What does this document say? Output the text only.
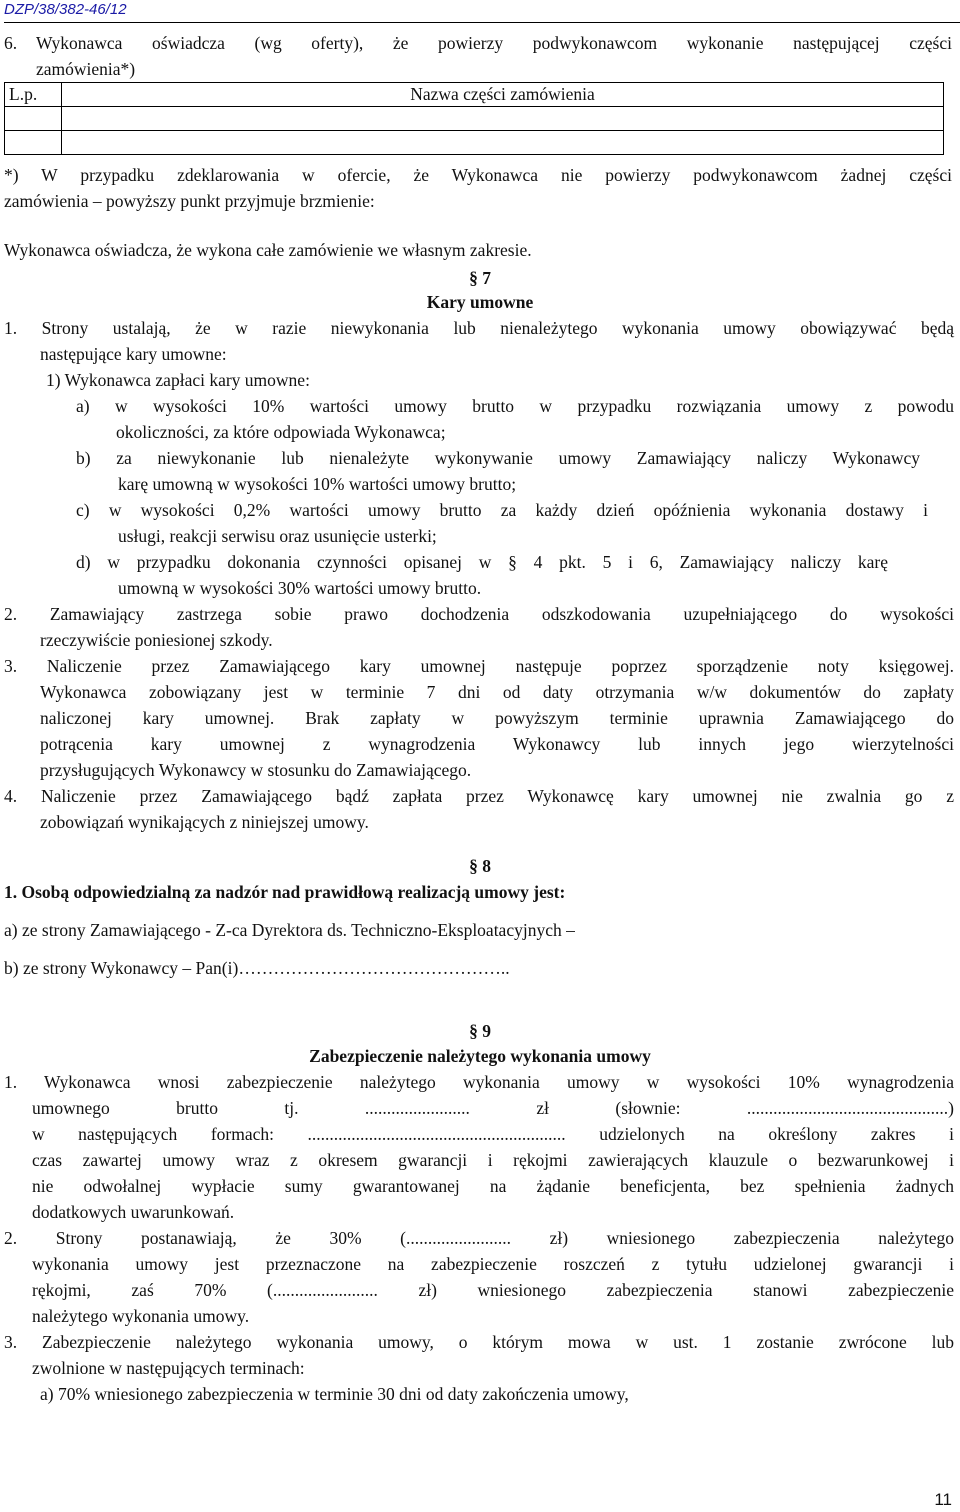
DZP/38/382-46/12
6. Wykonawca oświadcza (wg oferty), że powierzy podwykonawcom wykonanie następującej części
zamówienia*)
L.p.	Nazwa części zamówienia

*) W przypadku zdeklarowania w ofercie, że Wykonawca nie powierzy podwykonawcom żadnej części
zamówienia – powyższy punkt przyjmuje brzmienie:
Wykonawca oświadcza, że wykona całe zamówienie we własnym zakresie.
§ 7
Kary umowne
1. Strony ustalają, że w razie niewykonania lub nienależytego wykonania umowy obowiązywać będą
następujące kary umowne:
1) Wykonawca zapłaci kary umowne:
a) w wysokości 10% wartości umowy brutto w przypadku rozwiązania umowy z powodu
okoliczności, za które odpowiada Wykonawca;
b) za niewykonanie lub nienależyte wykonywanie umowy Zamawiający naliczy Wykonawcy
karę umowną w wysokości 10% wartości umowy brutto;
c) w wysokości 0,2% wartości umowy brutto za każdy dzień opóźnienia wykonania dostawy i
usługi, reakcji serwisu oraz usunięcie usterki;
d) w przypadku dokonania czynności opisanej w § 4 pkt. 5 i 6, Zamawiający naliczy karę
umowną w wysokości 30% wartości umowy brutto.
2. Zamawiający zastrzega sobie prawo dochodzenia odszkodowania uzupełniającego do wysokości
rzeczywiście poniesionej szkody.
3. Naliczenie przez Zamawiającego kary umownej następuje poprzez sporządzenie noty księgowej.
Wykonawca zobowiązany jest w terminie 7 dni od daty otrzymania w/w dokumentów do zapłaty
naliczonej kary umownej. Brak zapłaty w powyższym terminie uprawnia Zamawiającego do
potrącenia kary umownej z wynagrodzenia Wykonawcy lub innych jego wierzytelności
przysługujących Wykonawcy w stosunku do Zamawiającego.
4. Naliczenie przez Zamawiającego bądź zapłata przez Wykonawcę kary umownej nie zwalnia go z
zobowiązań wynikających z niniejszej umowy.
§ 8
1. Osobą odpowiedzialną za nadzór nad prawidłową realizacją umowy jest:
a) ze strony Zamawiającego - Z-ca Dyrektora ds. Techniczno-Eksploatacyjnych –
b) ze strony Wykonawcy – Pan(i)………………………………………..
§ 9
Zabezpieczenie należytego wykonania umowy
1. Wykonawca wnosi zabezpieczenie należytego wykonania umowy w wysokości 10% wynagrodzenia
umownego brutto tj. ........................ zł (słownie: ..............................................)
w następujących formach: ........................................................... udzielonych na określony zakres i
czas zawartej umowy wraz z okresem gwarancji i rękojmi zawierających klauzule o bezwarunkowej i
nie odwołalnej wypłacie sumy gwarantowanej na żądanie beneficjenta, bez spełnienia żadnych
dodatkowych uwarunkowań.
2. Strony postanawiają, że 30% (........................ zł) wniesionego zabezpieczenia należytego
wykonania umowy jest przeznaczone na zabezpieczenie roszczeń z tytułu udzielonej gwarancji i
rękojmi, zaś 70% (........................ zł) wniesionego zabezpieczenia stanowi zabezpieczenie
należytego wykonania umowy.
3. Zabezpieczenie należytego wykonania umowy, o którym mowa w ust. 1 zostanie zwrócone lub
zwolnione w następujących terminach:
a) 70% wniesionego zabezpieczenia w terminie 30 dni od daty zakończenia umowy,
11
